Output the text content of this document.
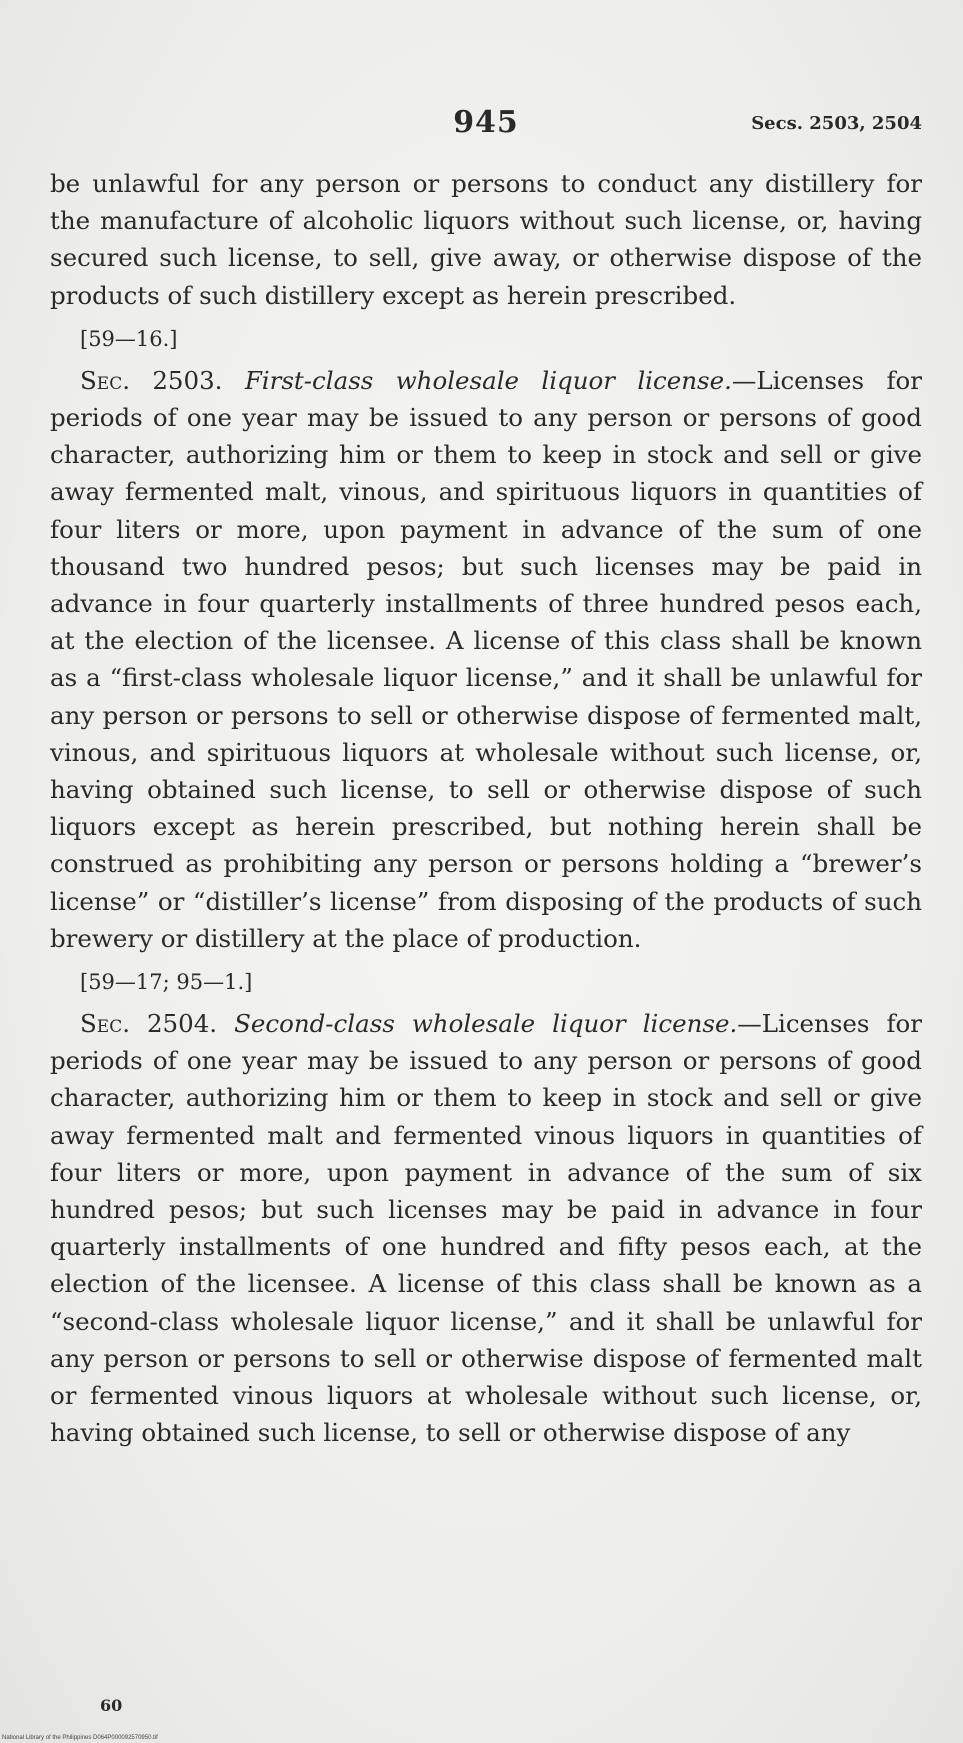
945	Secs. 2503, 2504

be unlawful for any person or persons to conduct any distillery for the manufacture of alcoholic liquors without such license, or, having secured such license, to sell, give away, or otherwise dispose of the products of such distillery except as herein prescribed.

[59—16.]

Sec. 2503. First-class wholesale liquor license.—Licenses for periods of one year may be issued to any person or persons of good character, authorizing him or them to keep in stock and sell or give away fermented malt, vinous, and spirituous liquors in quantities of four liters or more, upon payment in advance of the sum of one thousand two hundred pesos; but such licenses may be paid in advance in four quarterly installments of three hundred pesos each, at the election of the licensee. A license of this class shall be known as a “first-class wholesale liquor license,” and it shall be unlawful for any person or persons to sell or otherwise dispose of fermented malt, vinous, and spirituous liquors at wholesale without such license, or, having obtained such license, to sell or otherwise dispose of such liquors except as herein prescribed, but nothing herein shall be construed as prohibiting any person or persons holding a “brewer’s license” or “distiller’s license” from disposing of the products of such brewery or distillery at the place of production.

[59—17; 95—1.]

Sec. 2504. Second-class wholesale liquor license.—Licenses for periods of one year may be issued to any person or persons of good character, authorizing him or them to keep in stock and sell or give away fermented malt and fermented vinous liquors in quantities of four liters or more, upon payment in advance of the sum of six hundred pesos; but such licenses may be paid in advance in four quarterly installments of one hundred and fifty pesos each, at the election of the licensee. A license of this class shall be known as a “second-class wholesale liquor license,” and it shall be unlawful for any person or persons to sell or otherwise dispose of fermented malt or fermented vinous liquors at wholesale without such license, or, having obtained such license, to sell or otherwise dispose of any

60
National Library of the Philippines D064P000092570950.tif
